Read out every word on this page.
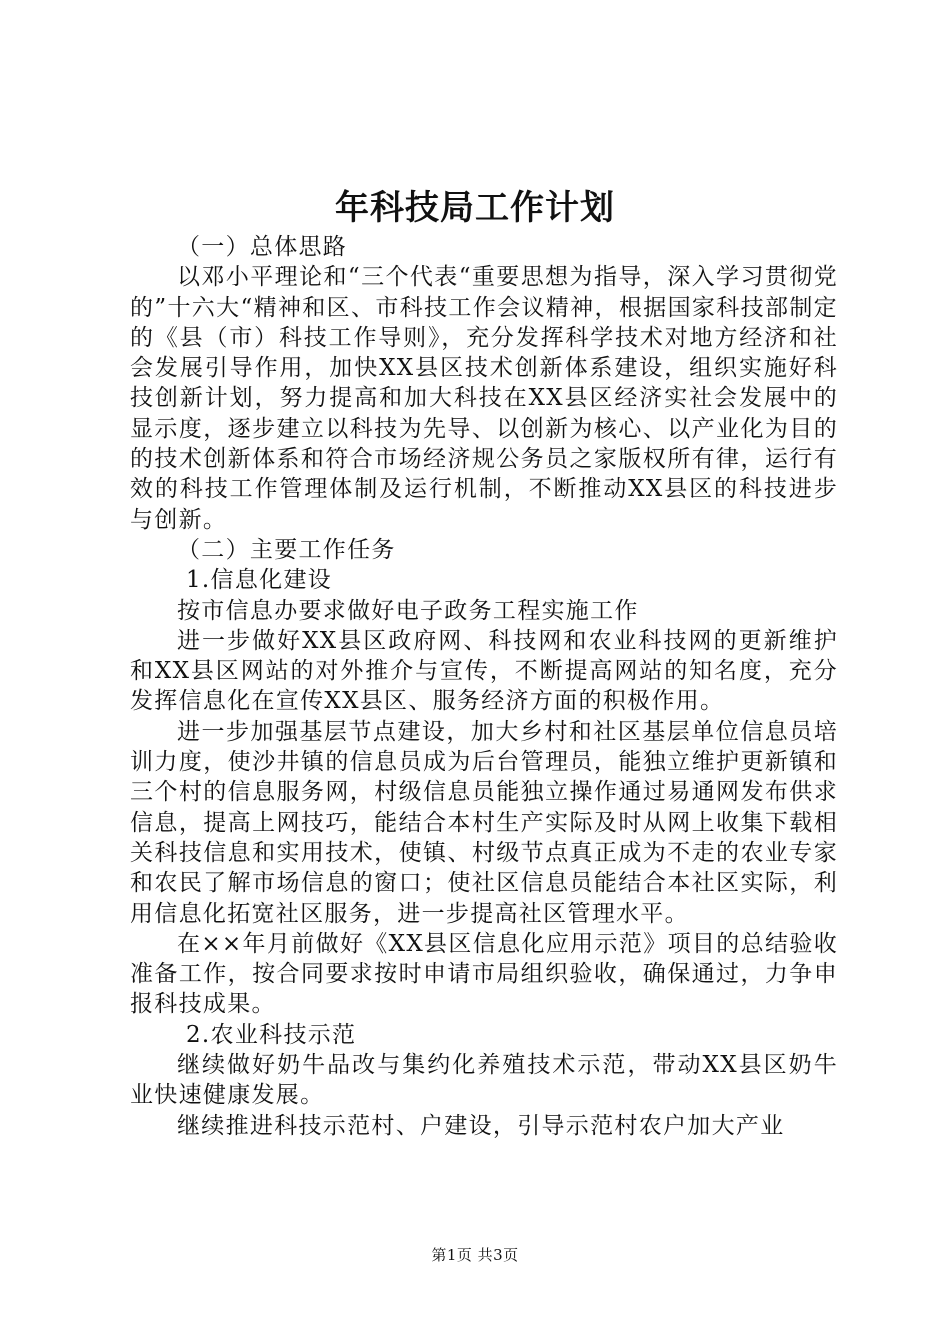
年科技局工作计划

（一）总体思路

以邓小平理论和“三个代表“重要思想为指导，深入学习贯彻党的”十六大“精神和区、市科技工作会议精神，根据国家科技部制定的《县（市）科技工作导则》，充分发挥科学技术对地方经济和社会发展引导作用，加快XX县区技术创新体系建设，组织实施好科技创新计划，努力提高和加大科技在XX县区经济实社会发展中的显示度，逐步建立以科技为先导、以创新为核心、以产业化为目的的技术创新体系和符合市场经济规公务员之家版权所有律，运行有效的科技工作管理体制及运行机制，不断推动XX县区的科技进步与创新。

（二）主要工作任务

1.信息化建设

按市信息办要求做好电子政务工程实施工作

进一步做好XX县区政府网、科技网和农业科技网的更新维护和XX县区网站的对外推介与宣传，不断提高网站的知名度，充分发挥信息化在宣传XX县区、服务经济方面的积极作用。

进一步加强基层节点建设，加大乡村和社区基层单位信息员培训力度，使沙井镇的信息员成为后台管理员，能独立维护更新镇和三个村的信息服务网，村级信息员能独立操作通过易通网发布供求信息，提高上网技巧，能结合本村生产实际及时从网上收集下载相关科技信息和实用技术，使镇、村级节点真正成为不走的农业专家和农民了解市场信息的窗口；使社区信息员能结合本社区实际，利用信息化拓宽社区服务，进一步提高社区管理水平。

在××年月前做好《XX县区信息化应用示范》项目的总结验收准备工作，按合同要求按时申请市局组织验收，确保通过，力争申报科技成果。

2.农业科技示范

继续做好奶牛品改与集约化养殖技术示范，带动XX县区奶牛业快速健康发展。

继续推进科技示范村、户建设，引导示范村农户加大产业

第1页 共3页
